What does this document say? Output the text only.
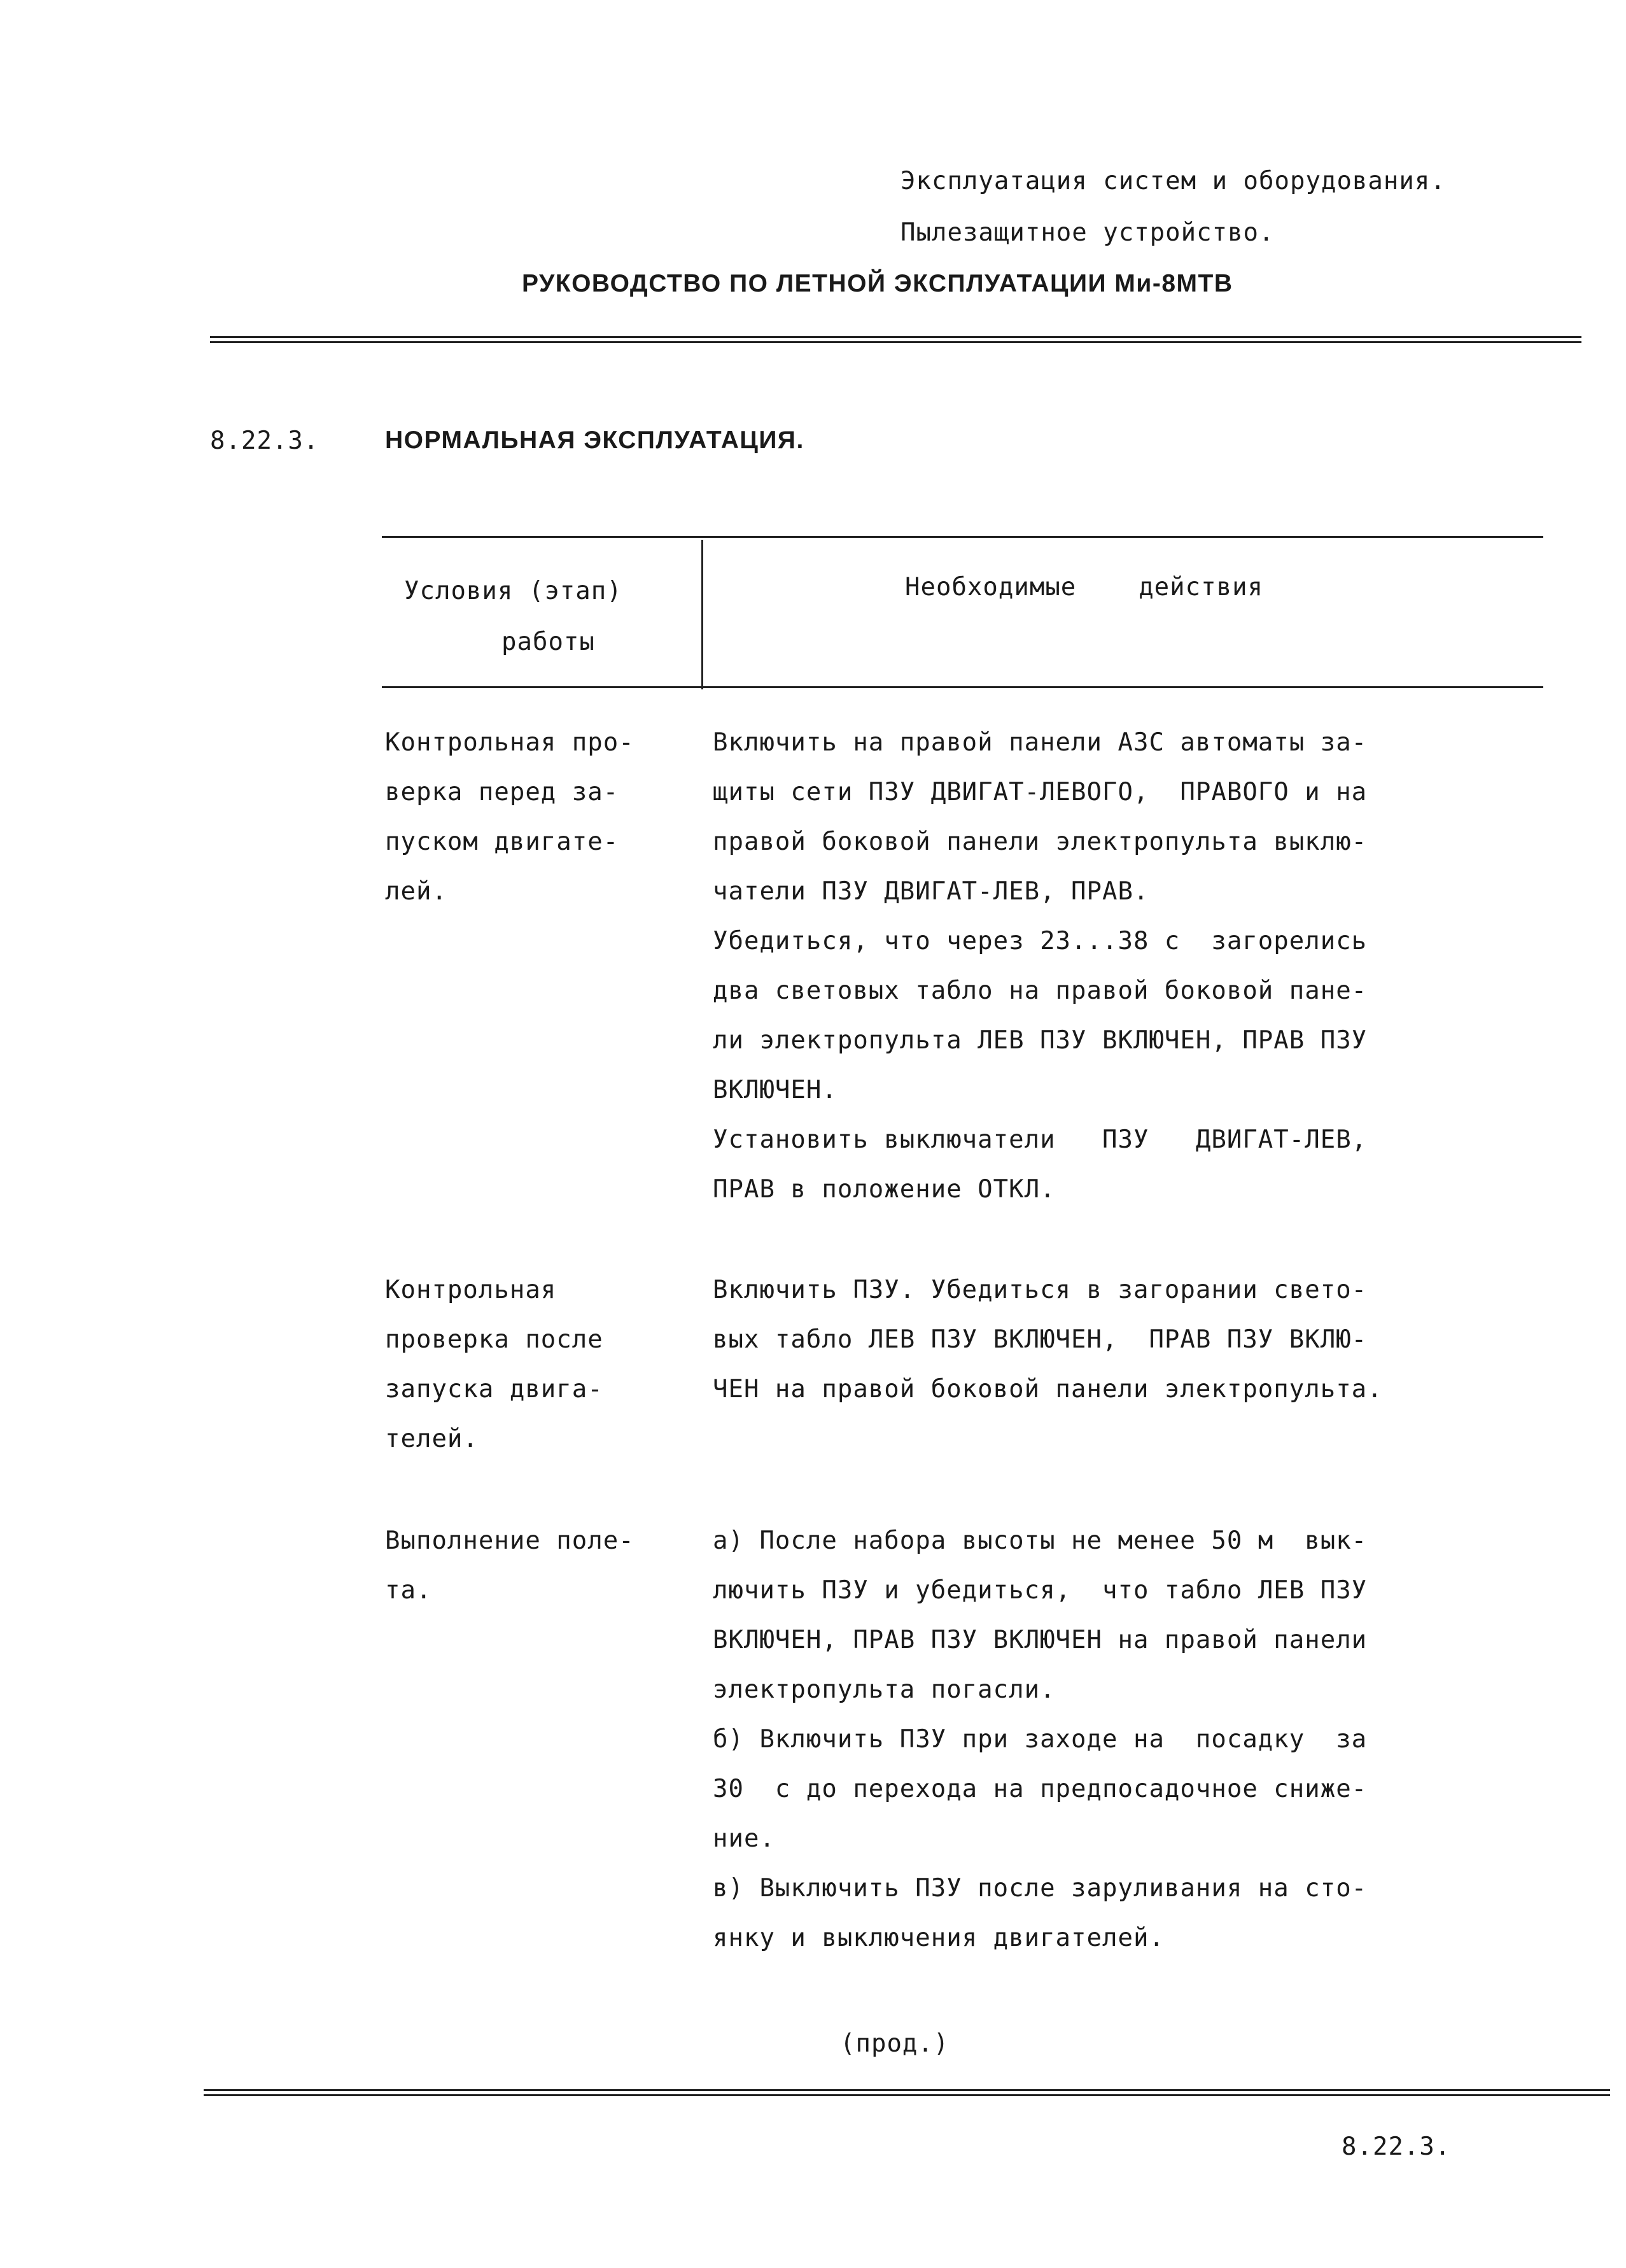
Эксплуатация систем и оборудования.
Пылезащитное устройство.
РУКОВОДСТВО ПО ЛЕТНОЙ ЭКСПЛУАТАЦИИ Ми-8МТВ
8.22.3.	НОРМАЛЬНАЯ ЭКСПЛУАТАЦИЯ.
Условия (этап)
работы
Необходимые    действия
Контрольная про-
верка перед за-
пуском двигате-
лей.
Включить на правой панели АЗС автоматы за-
щиты сети ПЗУ ДВИГАТ-ЛЕВОГО,  ПРАВОГО и на
правой боковой панели электропульта выклю-
чатели ПЗУ ДВИГАТ-ЛЕВ, ПРАВ.
Убедиться, что через 23...38 с  загорелись
два световых табло на правой боковой пане-
ли электропульта ЛЕВ ПЗУ ВКЛЮЧЕН, ПРАВ ПЗУ
ВКЛЮЧЕН.
Установить выключатели   ПЗУ   ДВИГАТ-ЛЕВ,
ПРАВ в положение ОТКЛ.
Контрольная
проверка после
запуска двига-
телей.
Включить ПЗУ. Убедиться в загорании свето-
вых табло ЛЕВ ПЗУ ВКЛЮЧЕН,  ПРАВ ПЗУ ВКЛЮ-
ЧЕН на правой боковой панели электропульта.
Выполнение поле-
та.
а) После набора высоты не менее 50 м  вык-
лючить ПЗУ и убедиться,  что табло ЛЕВ ПЗУ
ВКЛЮЧЕН, ПРАВ ПЗУ ВКЛЮЧЕН на правой панели
электропульта погасли.
б) Включить ПЗУ при заходе на  посадку  за
30  с до перехода на предпосадочное сниже-
ние.
в) Выключить ПЗУ после заруливания на сто-
янку и выключения двигателей.
(прод.)
8.22.3.
